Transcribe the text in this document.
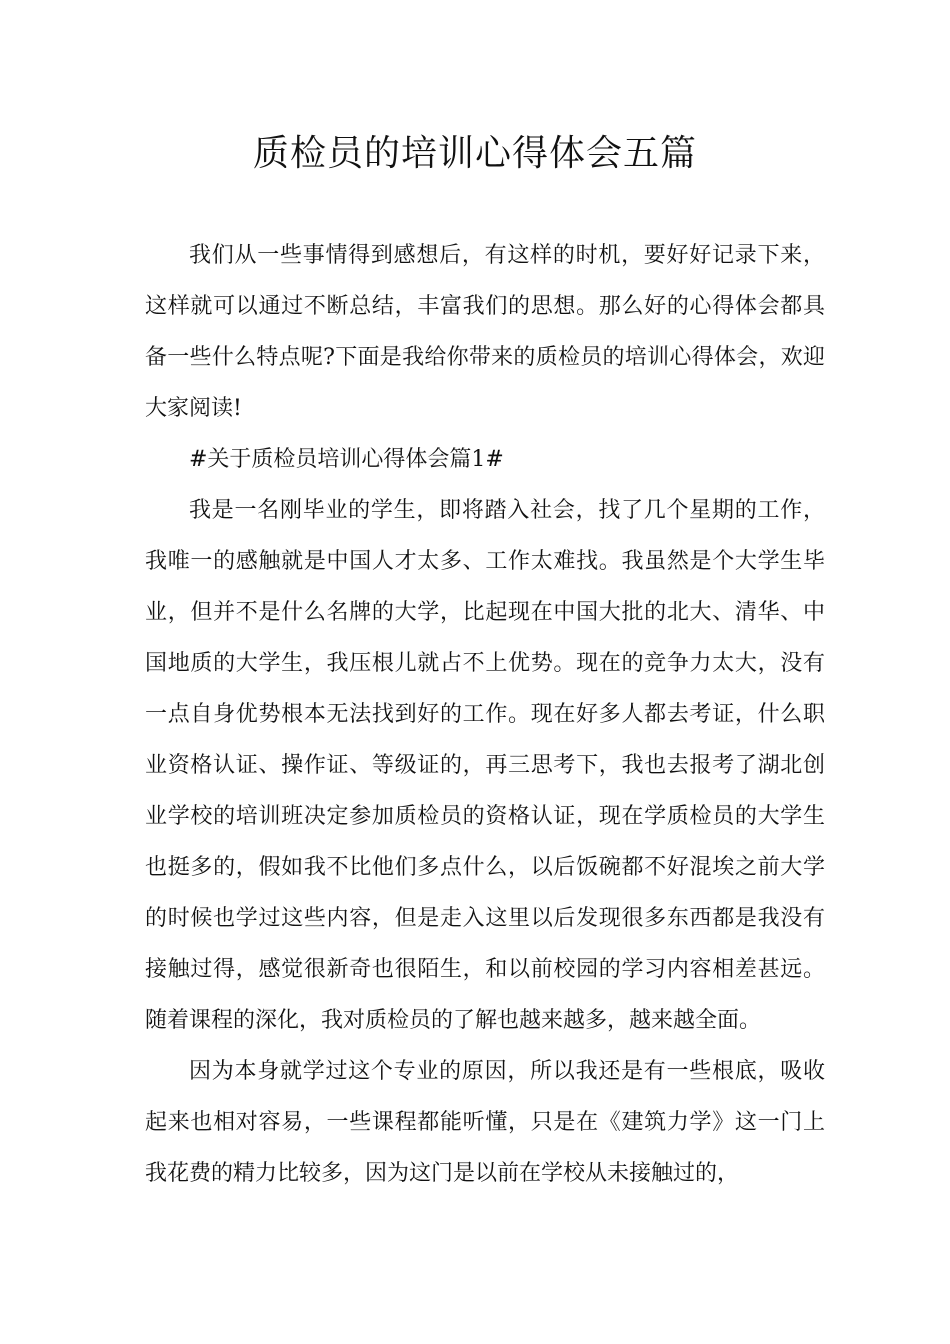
质检员的培训心得体会五篇

我们从一些事情得到感想后，有这样的时机，要好好记录下来，这样就可以通过不断总结，丰富我们的思想。那么好的心得体会都具备一些什么特点呢?下面是我给你带来的质检员的培训心得体会，欢迎大家阅读!

#关于质检员培训心得体会篇1#

我是一名刚毕业的学生，即将踏入社会，找了几个星期的工作，我唯一的感触就是中国人才太多、工作太难找。我虽然是个大学生毕业，但并不是什么名牌的大学，比起现在中国大批的北大、清华、中国地质的大学生，我压根儿就占不上优势。现在的竞争力太大，没有一点自身优势根本无法找到好的工作。现在好多人都去考证，什么职业资格认证、操作证、等级证的，再三思考下，我也去报考了湖北创业学校的培训班决定参加质检员的资格认证，现在学质检员的大学生也挺多的，假如我不比他们多点什么，以后饭碗都不好混埃之前大学的时候也学过这些内容，但是走入这里以后发现很多东西都是我没有接触过得，感觉很新奇也很陌生，和以前校园的学习内容相差甚远。随着课程的深化，我对质检员的了解也越来越多，越来越全面。

因为本身就学过这个专业的原因，所以我还是有一些根底，吸收起来也相对容易，一些课程都能听懂，只是在《建筑力学》这一门上我花费的精力比较多，因为这门是以前在学校从未接触过的，
